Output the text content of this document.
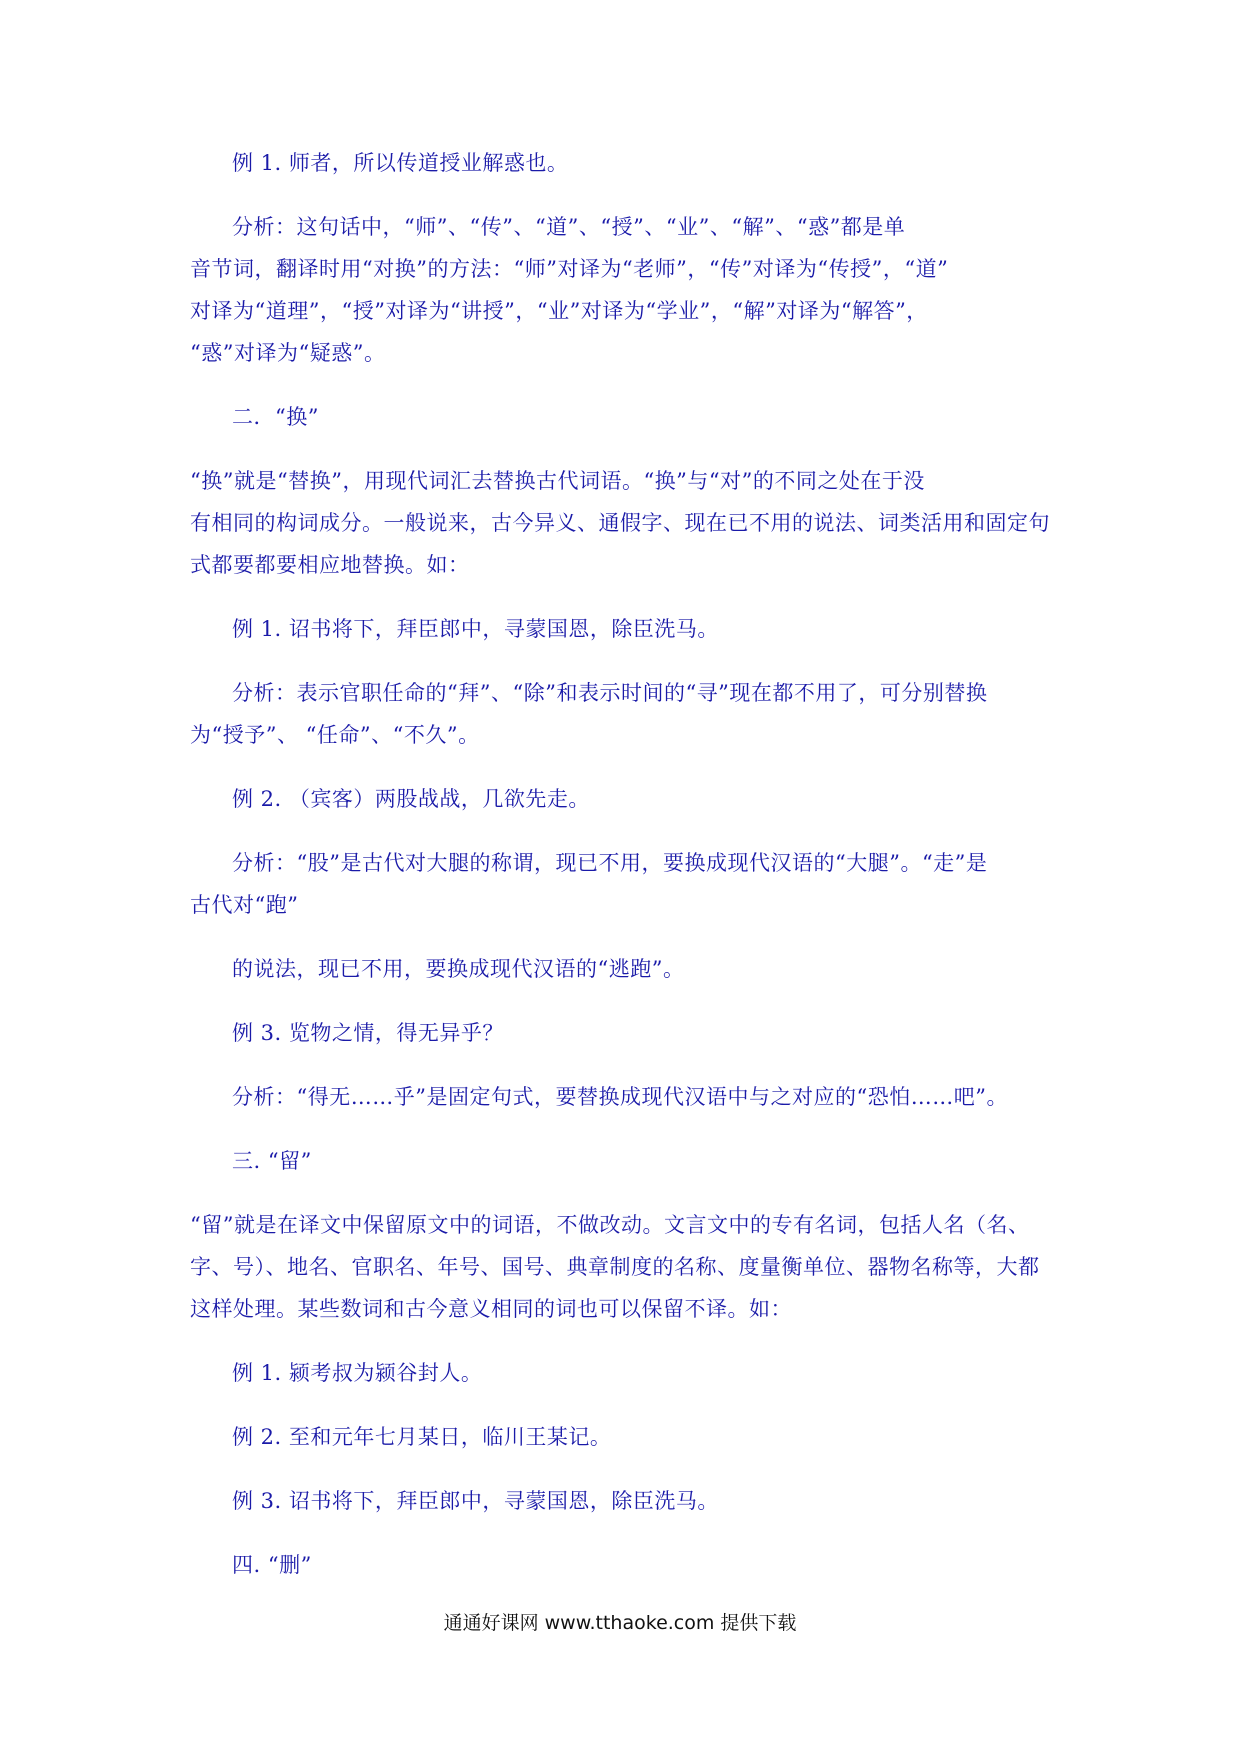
例 1. 师者，所以传道授业解惑也。
分析：这句话中，“师”、“传”、“道”、“授”、“业”、“解”、“惑”都是单
音节词，翻译时用“对换”的方法：“师”对译为“老师”，“传”对译为“传授”，“道”
对译为“道理”，“授”对译为“讲授”，“业”对译为“学业”，“解”对译为“解答”，
“惑”对译为“疑惑”。
二．“换”
“换”就是“替换”，用现代词汇去替换古代词语。“换”与“对”的不同之处在于没
有相同的构词成分。一般说来，古今异义、通假字、现在已不用的说法、词类活用和固定句
式都要都要相应地替换。如：
例 1. 诏书将下，拜臣郎中，寻蒙国恩，除臣洗马。
分析：表示官职任命的“拜”、“除”和表示时间的“寻”现在都不用了，可分别替换
为“授予”、 “任命”、“不久”。
例 2. （宾客）两股战战，几欲先走。
分析：“股”是古代对大腿的称谓，现已不用，要换成现代汉语的“大腿”。“走”是
古代对“跑”
的说法，现已不用，要换成现代汉语的“逃跑”。
例 3. 览物之情，得无异乎？
分析：“得无……乎”是固定句式，要替换成现代汉语中与之对应的“恐怕……吧”。
三. “留”
“留”就是在译文中保留原文中的词语，不做改动。文言文中的专有名词，包括人名（名、
字、号）、地名、官职名、年号、国号、典章制度的名称、度量衡单位、器物名称等，大都
这样处理。某些数词和古今意义相同的词也可以保留不译。如：
例 1. 颍考叔为颍谷封人。
例 2. 至和元年七月某日，临川王某记。
例 3. 诏书将下，拜臣郎中，寻蒙国恩，除臣洗马。
四. “删”
通通好课网 www.tthaoke.com 提供下载
